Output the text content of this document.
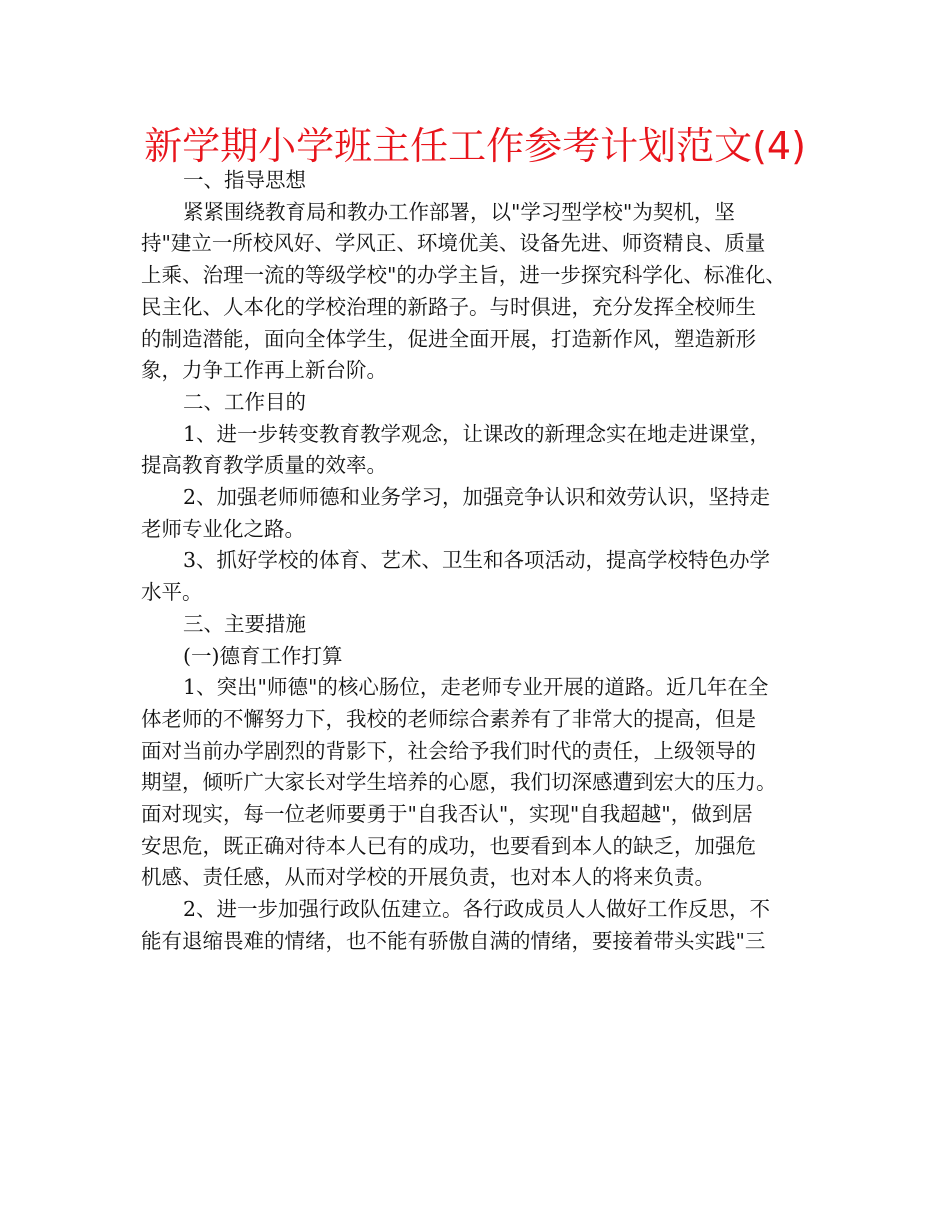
新学期小学班主任工作参考计划范文(4)
一、指导思想
紧紧围绕教育局和教办工作部署，以"学习型学校"为契机，坚
持"建立一所校风好、学风正、环境优美、设备先进、师资精良、质量
上乘、治理一流的等级学校"的办学主旨，进一步探究科学化、标准化、
民主化、人本化的学校治理的新路子。与时俱进，充分发挥全校师生
的制造潜能，面向全体学生，促进全面开展，打造新作风，塑造新形
象，力争工作再上新台阶。
二、工作目的
1、进一步转变教育教学观念，让课改的新理念实在地走进课堂，
提高教育教学质量的效率。
2、加强老师师德和业务学习，加强竞争认识和效劳认识，坚持走
老师专业化之路。
3、抓好学校的体育、艺术、卫生和各项活动，提高学校特色办学
水平。
三、主要措施
(一)德育工作打算
1、突出"师德"的核心肠位，走老师专业开展的道路。近几年在全
体老师的不懈努力下，我校的老师综合素养有了非常大的提高，但是
面对当前办学剧烈的背影下，社会给予我们时代的责任，上级领导的
期望，倾听广大家长对学生培养的心愿，我们切深感遭到宏大的压力。
面对现实，每一位老师要勇于"自我否认"，实现"自我超越"，做到居
安思危，既正确对待本人已有的成功，也要看到本人的缺乏，加强危
机感、责任感，从而对学校的开展负责，也对本人的将来负责。
2、进一步加强行政队伍建立。各行政成员人人做好工作反思，不
能有退缩畏难的情绪，也不能有骄傲自满的情绪，要接着带头实践"三
